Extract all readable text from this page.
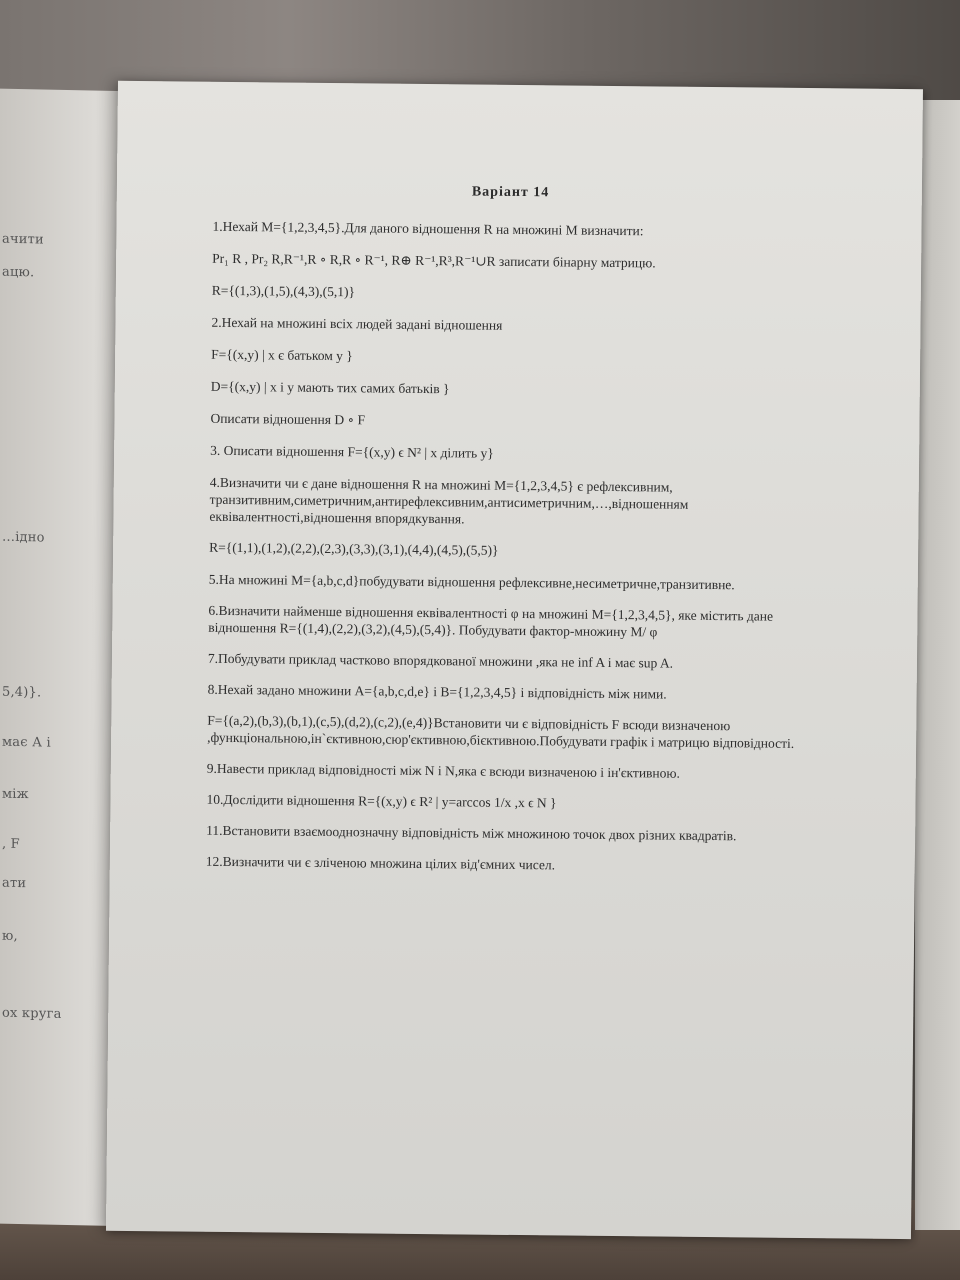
ачити
ацю.
…ідно
5,4)}.
має А і
між
, F
ати
ю,
ох круга
Варіант 14

1.Нехай M={1,2,3,4,5}.Для даного відношення R на множині M визначити:

Pr₁ R , Pr₂ R,R⁻¹,R ∘ R,R ∘ R⁻¹, R⊕ R⁻¹,R³,R⁻¹∪R записати бінарну матрицю.

R={(1,3),(1,5),(4,3),(5,1)}

2.Нехай на множині всіх людей задані відношення

F={(x,y) | x є батьком y }

D={(x,y) | x і y мають тих самих батьків }

Описати відношення D ∘ F

3. Описати відношення F={(x,y) ϵ N² | x ділить y}

4.Визначити чи є дане відношення R на множині M={1,2,3,4,5} є рефлексивним, транзитивним,симетричним,антирефлексивним,антисиметричним,…,відношенням еквівалентності,відношення впорядкування.

R={(1,1),(1,2),(2,2),(2,3),(3,3),(3,1),(4,4),(4,5),(5,5)}

5.На множині M={a,b,c,d}побудувати відношення рефлексивне,несиметричне,транзитивне.

6.Визначити найменше відношення еквівалентності φ на множині M={1,2,3,4,5}, яке містить дане відношення R={(1,4),(2,2),(3,2),(4,5),(5,4)}. Побудувати фактор-множину M/ φ

7.Побудувати приклад частково впорядкованої множини ,яка не inf A і має sup A.

8.Нехай задано множини A={a,b,c,d,e} і B={1,2,3,4,5} і відповідність між ними.

F={(a,2),(b,3),(b,1),(c,5),(d,2),(c,2),(e,4)}Встановити чи є відповідність F всюди визначеною ,функціональною,ін`єктивною,сюр'єктивною,бієктивною.Побудувати графік і матрицю відповідності.

9.Навести приклад відповідності між N і N,яка є всюди визначеною і ін'єктивною.

10.Дослідити відношення R={(x,y) ϵ R² | y=arccos 1/x ,x ϵ N }

11.Встановити взаємооднозначну відповідність між множиною точок двох різних квадратів.

12.Визначити чи є зліченою множина цілих від'ємних чисел.
